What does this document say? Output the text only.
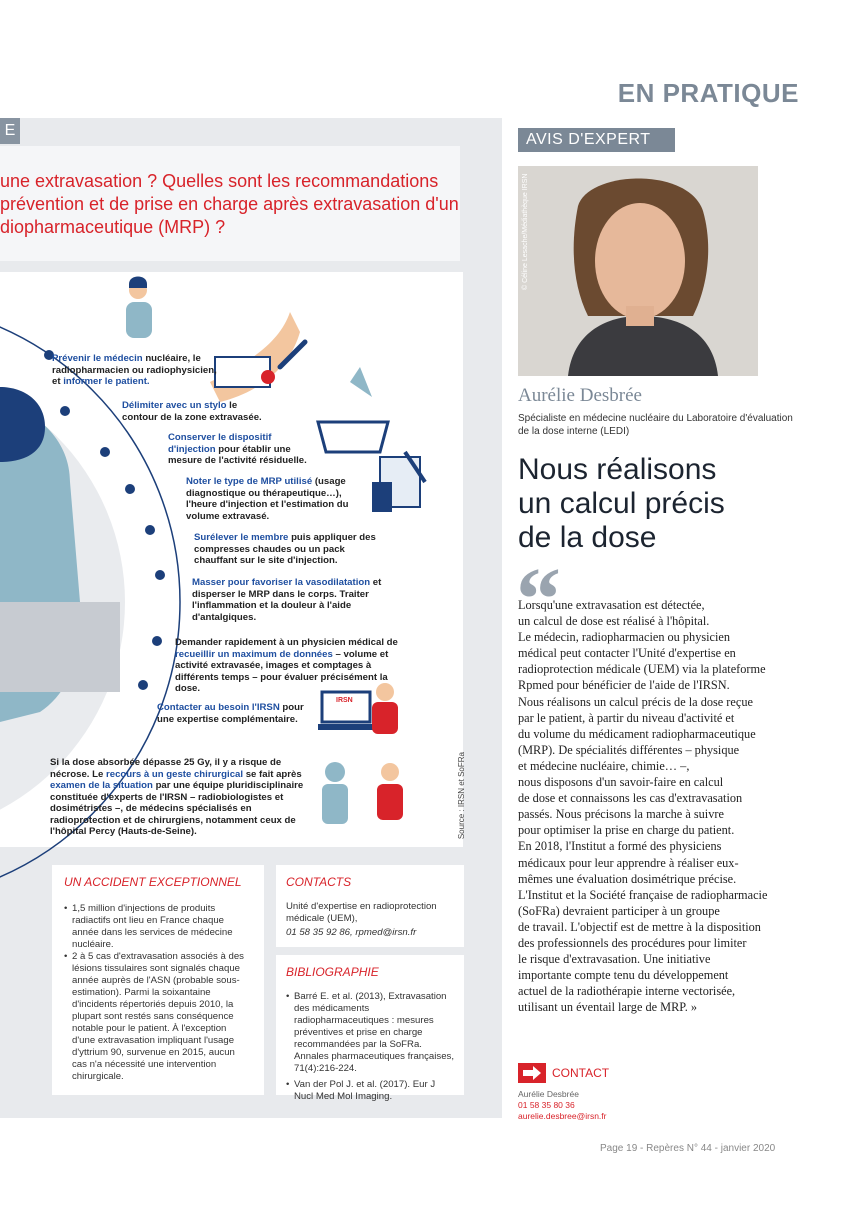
EN PRATIQUE
E
une extravasation ? Quelles sont les recommandations
prévention et de prise en charge après extravasation d'un
diopharmaceutique (MRP) ?
IRSN
Prévenir le médecin nucléaire, le radiopharmacien ou radiophysicien, et informer le patient.
Délimiter avec un stylo le contour de la zone extravasée.
Conserver le dispositif d'injection pour établir une mesure de l'activité résiduelle.
Noter le type de MRP utilisé (usage diagnostique ou thérapeutique…), l'heure d'injection et l'estimation du volume extravasé.
Surélever le membre puis appliquer des compresses chaudes ou un pack chauffant sur le site d'injection.
Masser pour favoriser la vasodilatation et disperser le MRP dans le corps. Traiter l'inflammation et la douleur à l'aide d'antalgiques.
Demander rapidement à un physicien médical de recueillir un maximum de données – volume et activité extravasée, images et comptages à différents temps – pour évaluer précisément la dose.
Contacter au besoin l'IRSN pour une expertise complémentaire.
Si la dose absorbée dépasse 25 Gy, il y a risque de nécrose. Le recours à un geste chirurgical se fait après examen de la situation par une équipe pluridisciplinaire constituée d'experts de l'IRSN – radiobiologistes et dosimétristes –, de médecins spécialisés en radioprotection et de chirurgiens, notamment ceux de l'hôpital Percy (Hauts-de-Seine).	Source : IRSN et SoFRa
UN ACCIDENT EXCEPTIONNEL
• 1,5 million d'injections de produits radiactifs ont lieu en France chaque année dans les services de médecine nucléaire.
• 2 à 5 cas d'extravasation associés à des lésions tissulaires sont signalés chaque année auprès de l'ASN (probable sous-estimation). Parmi la soixantaine d'incidents répertoriés depuis 2010, la plupart sont restés sans conséquence notable pour le patient. À l'exception d'une extravasation impliquant l'usage d'yttrium 90, survenue en 2015, aucun cas n'a nécessité une intervention chirurgicale.
CONTACTS

Unité d'expertise en radioprotection médicale (UEM),

01 58 35 92 86, rpmed@irsn.fr

BIBLIOGRAPHIE
• Barré E. et al. (2013), Extravasation des médicaments radiopharmaceutiques : mesures préventives et prise en charge recommandées par la SoFRa. Annales pharmaceutiques françaises, 71(4):216-224.
• Van der Pol J. et al. (2017). Eur J Nucl Med Mol Imaging.
AVIS D'EXPERT
© Céline Lesache/Médiathèque IRSN
Aurélie Desbrée
Spécialiste en médecine nucléaire du Laboratoire d'évaluation de la dose interne (LEDI)
Nous réalisons
un calcul précis
de la dose
“
Lorsqu'une extravasation est détectée,
un calcul de dose est réalisé à l'hôpital.
Le médecin, radiopharmacien ou physicien
médical peut contacter l'Unité d'expertise en
radioprotection médicale (UEM) via la plateforme
Rpmed pour bénéficier de l'aide de l'IRSN.
Nous réalisons un calcul précis de la dose reçue
par le patient, à partir du niveau d'activité et
du volume du médicament radiopharmaceutique
(MRP). De spécialités différentes – physique
et médecine nucléaire, chimie… –,
nous disposons d'un savoir-faire en calcul
de dose et connaissons les cas d'extravasation
passés. Nous précisons la marche à suivre
pour optimiser la prise en charge du patient.
En 2018, l'Institut a formé des physiciens
médicaux pour leur apprendre à réaliser eux-
mêmes une évaluation dosimétrique précise.
L'Institut et la Société française de radiopharmacie
(SoFRa) devraient participer à un groupe
de travail. L'objectif est de mettre à la disposition
des professionnels des procédures pour limiter
le risque d'extravasation. Une initiative
importante compte tenu du développement
actuel de la radiothérapie interne vectorisée,
utilisant un éventail large de MRP. »
CONTACT
Aurélie Desbrée
01 58 35 80 36
aurelie.desbree@irsn.fr
Page 19 - Repères N° 44 - janvier 2020
